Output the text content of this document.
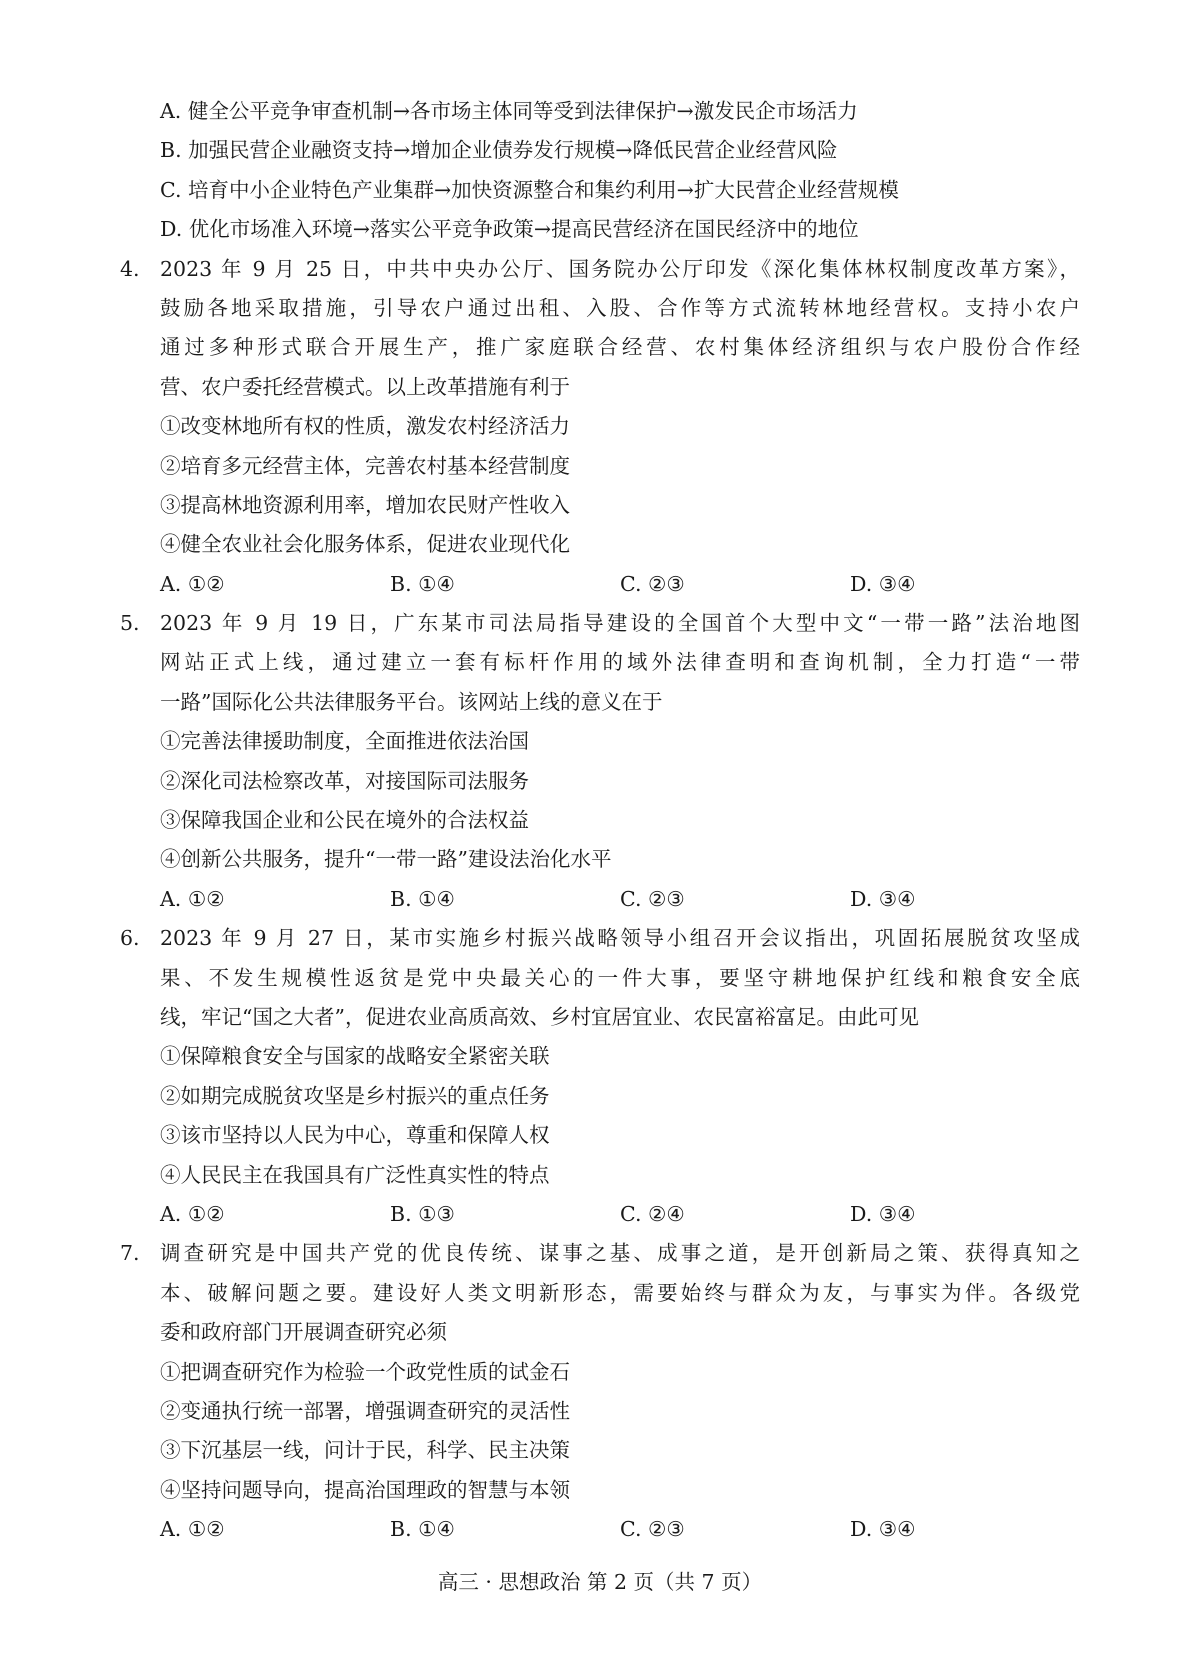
A. 健全公平竞争审查机制→各市场主体同等受到法律保护→激发民企市场活力
B. 加强民营企业融资支持→增加企业债券发行规模→降低民营企业经营风险
C. 培育中小企业特色产业集群→加快资源整合和集约利用→扩大民营企业经营规模
D. 优化市场准入环境→落实公平竞争政策→提高民营经济在国民经济中的地位
4. 2023 年 9 月 25 日，中共中央办公厅、国务院办公厅印发《深化集体林权制度改革方案》，
鼓励各地采取措施，引导农户通过出租、入股、合作等方式流转林地经营权。支持小农户
通过多种形式联合开展生产，推广家庭联合经营、农村集体经济组织与农户股份合作经
营、农户委托经营模式。以上改革措施有利于
①改变林地所有权的性质，激发农村经济活力
②培育多元经营主体，完善农村基本经营制度
③提高林地资源利用率，增加农民财产性收入
④健全农业社会化服务体系，促进农业现代化
A. ①②	B. ①④	C. ②③	D. ③④
5. 2023 年 9 月 19 日，广东某市司法局指导建设的全国首个大型中文“一带一路”法治地图
网站正式上线，通过建立一套有标杆作用的域外法律查明和查询机制，全力打造“一带
一路”国际化公共法律服务平台。该网站上线的意义在于
①完善法律援助制度，全面推进依法治国
②深化司法检察改革，对接国际司法服务
③保障我国企业和公民在境外的合法权益
④创新公共服务，提升“一带一路”建设法治化水平
A. ①②	B. ①④	C. ②③	D. ③④
6. 2023 年 9 月 27 日，某市实施乡村振兴战略领导小组召开会议指出，巩固拓展脱贫攻坚成
果、不发生规模性返贫是党中央最关心的一件大事，要坚守耕地保护红线和粮食安全底
线，牢记“国之大者”，促进农业高质高效、乡村宜居宜业、农民富裕富足。由此可见
①保障粮食安全与国家的战略安全紧密关联
②如期完成脱贫攻坚是乡村振兴的重点任务
③该市坚持以人民为中心，尊重和保障人权
④人民民主在我国具有广泛性真实性的特点
A. ①②	B. ①③	C. ②④	D. ③④
7. 调查研究是中国共产党的优良传统、谋事之基、成事之道，是开创新局之策、获得真知之
本、破解问题之要。建设好人类文明新形态，需要始终与群众为友，与事实为伴。各级党
委和政府部门开展调查研究必须
①把调查研究作为检验一个政党性质的试金石
②变通执行统一部署，增强调查研究的灵活性
③下沉基层一线，问计于民，科学、民主决策
④坚持问题导向，提高治国理政的智慧与本领
A. ①②	B. ①④	C. ②③	D. ③④
高三 · 思想政治 第 2 页（共 7 页）
